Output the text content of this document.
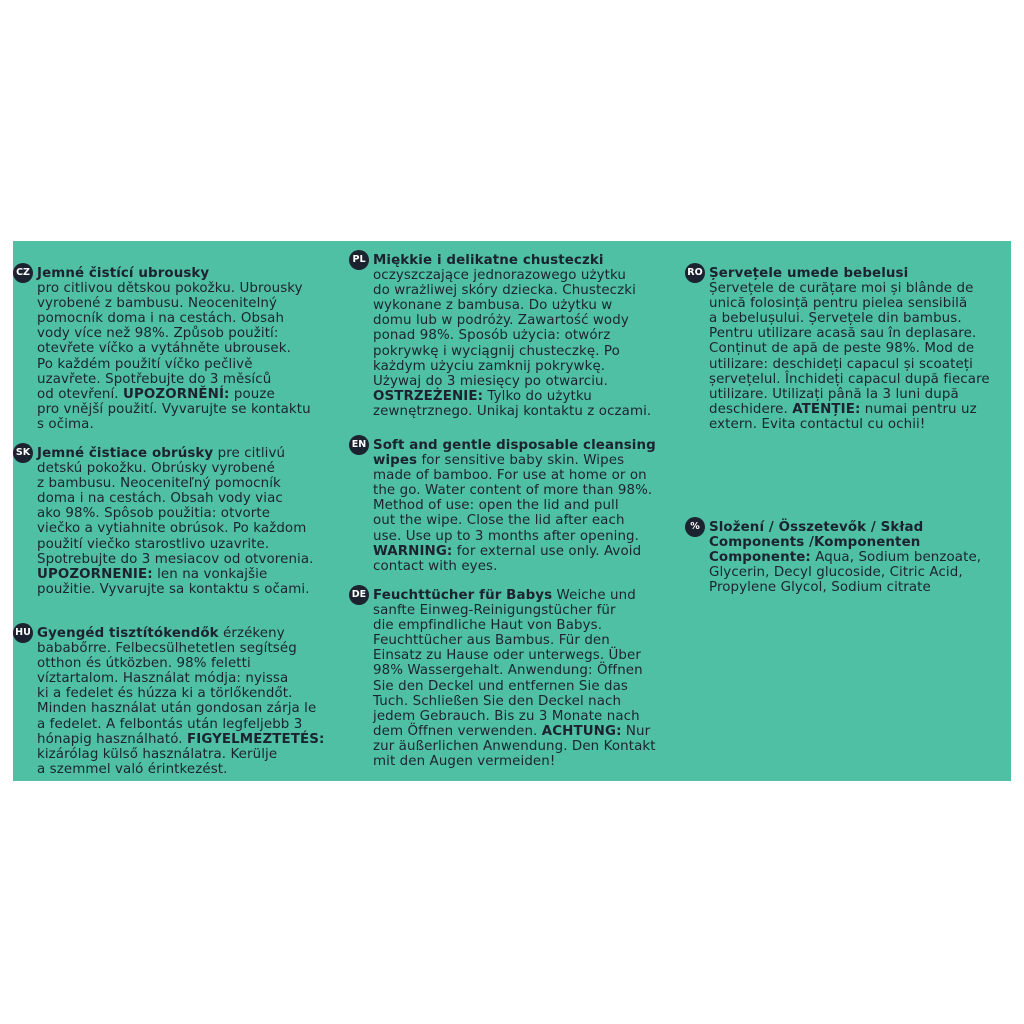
CZ Jemné čistící ubrousky
pro citlivou dětskou pokožku. Ubrousky
vyrobené z bambusu. Neocenitelný
pomocník doma i na cestách. Obsah
vody více než 98%. Způsob použití:
otevřete víčko a vytáhněte ubrousek.
Po každém použití víčko pečlivě
uzavřete. Spotřebujte do 3 měsíců
od otevření. UPOZORNĚNÍ: pouze
pro vnější použití. Vyvarujte se kontaktu
s očima.
SK Jemné čistiace obrúsky pre citlivú
detskú pokožku. Obrúsky vyrobené
z bambusu. Neoceniteľný pomocník
doma i na cestách. Obsah vody viac
ako 98%. Spôsob použitia: otvorte
viečko a vytiahnite obrúsok. Po každom
použití viečko starostlivo uzavrite.
Spotrebujte do 3 mesiacov od otvorenia.
UPOZORNENIE: len na vonkajšie
použitie. Vyvarujte sa kontaktu s očami.
HU Gyengéd tisztítókendők érzékeny
bababőrre. Felbecsülhetetlen segítség
otthon és útközben. 98% feletti
víztartalom. Használat módja: nyissa
ki a fedelet és húzza ki a törlőkendőt.
Minden használat után gondosan zárja le
a fedelet. A felbontás után legfeljebb 3
hónapig használható. FIGYELMEZTETÉS:
kizárólag külső használatra. Kerülje
a szemmel való érintkezést.
PL Miękkie i delikatne chusteczki
oczyszczające jednorazowego użytku
do wrażliwej skóry dziecka. Chusteczki
wykonane z bambusa. Do użytku w
domu lub w podróży. Zawartość wody
ponad 98%. Sposób użycia: otwórz
pokrywkę i wyciągnij chusteczkę. Po
każdym użyciu zamknij pokrywkę.
Używaj do 3 miesięcy po otwarciu.
OSTRZEŻENIE: Tylko do użytku
zewnętrznego. Unikaj kontaktu z oczami.
EN Soft and gentle disposable cleansing
wipes for sensitive baby skin. Wipes
made of bamboo. For use at home or on
the go. Water content of more than 98%.
Method of use: open the lid and pull
out the wipe. Close the lid after each
use. Use up to 3 months after opening.
WARNING: for external use only. Avoid
contact with eyes.
DE Feuchttücher für Babys Weiche und
sanfte Einweg-Reinigungstücher für
die empfindliche Haut von Babys.
Feuchttücher aus Bambus. Für den
Einsatz zu Hause oder unterwegs. Über
98% Wassergehalt. Anwendung: Öffnen
Sie den Deckel und entfernen Sie das
Tuch. Schließen Sie den Deckel nach
jedem Gebrauch. Bis zu 3 Monate nach
dem Öffnen verwenden. ACHTUNG: Nur
zur äußerlichen Anwendung. Den Kontakt
mit den Augen vermeiden!
RO Șervețele umede bebelusi
Șervețele de curățare moi și blânde de
unică folosință pentru pielea sensibilă
a bebelușului. Șervețele din bambus.
Pentru utilizare acasă sau în deplasare.
Conținut de apă de peste 98%. Mod de
utilizare: deschideți capacul și scoateți
șervețelul. Închideți capacul după fiecare
utilizare. Utilizați până la 3 luni după
deschidere. ATENȚIE: numai pentru uz
extern. Evita contactul cu ochii!
% Složení / Összetevők / Skład
Components /Komponenten
Componente: Aqua, Sodium benzoate,
Glycerin, Decyl glucoside, Citric Acid,
Propylene Glycol, Sodium citrate
